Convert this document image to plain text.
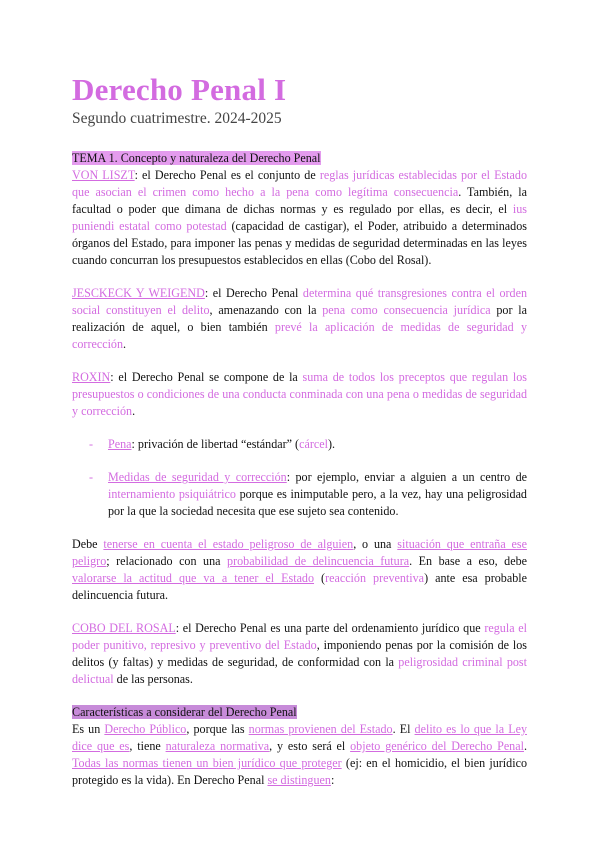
Derecho Penal I
Segundo cuatrimestre. 2024-2025
TEMA 1. Concepto y naturaleza del Derecho Penal

VON LISZT: el Derecho Penal es el conjunto de reglas jurídicas establecidas por el Estado que asocian el crimen como hecho a la pena como legítima consecuencia. También, la facultad o poder que dimana de dichas normas y es regulado por ellas, es decir, el ius puniendi estatal como potestad (capacidad de castigar), el Poder, atribuido a determinados órganos del Estado, para imponer las penas y medidas de seguridad determinadas en las leyes cuando concurran los presupuestos establecidos en ellas (Cobo del Rosal).

JESCKECK Y WEIGEND: el Derecho Penal determina qué transgresiones contra el orden social constituyen el delito, amenazando con la pena como consecuencia jurídica por la realización de aquel, o bien también prevé la aplicación de medidas de seguridad y corrección.

ROXIN: el Derecho Penal se compone de la suma de todos los preceptos que regulan los presupuestos o condiciones de una conducta conminada con una pena o medidas de seguridad y corrección.

- Pena: privación de libertad “estándar” (cárcel).
- Medidas de seguridad y corrección: por ejemplo, enviar a alguien a un centro de internamiento psiquiátrico porque es inimputable pero, a la vez, hay una peligrosidad por la que la sociedad necesita que ese sujeto sea contenido.

Debe tenerse en cuenta el estado peligroso de alguien, o una situación que entraña ese peligro; relacionado con una probabilidad de delincuencia futura. En base a eso, debe valorarse la actitud que va a tener el Estado (reacción preventiva) ante esa probable delincuencia futura.

COBO DEL ROSAL: el Derecho Penal es una parte del ordenamiento jurídico que regula el poder punitivo, represivo y preventivo del Estado, imponiendo penas por la comisión de los delitos (y faltas) y medidas de seguridad, de conformidad con la peligrosidad criminal post delictual de las personas.

Características a considerar del Derecho Penal

Es un Derecho Público, porque las normas provienen del Estado. El delito es lo que la Ley dice que es, tiene naturaleza normativa, y esto será el objeto genérico del Derecho Penal. Todas las normas tienen un bien jurídico que proteger (ej: en el homicidio, el bien jurídico protegido es la vida). En Derecho Penal se distinguen:
